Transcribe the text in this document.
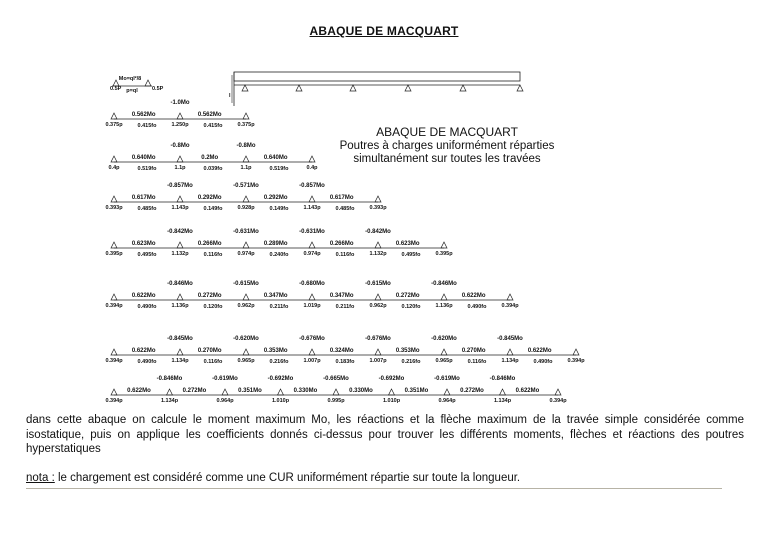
ABAQUE DE MACQUART
Mo=qI²/8
p=ql
0.5P	0.5P
l
-1.0Mo
0.562Mo	0.562Mo
0.375p	1.250p	0.375p
0.415fo	0.415fo
-0.8Mo	-0.8Mo
0.640Mo	0.2Mo	0.640Mo
0.4p	1.1p	1.1p	0.4p
0.519fo	0.039fo	0.519fo
-0.857Mo	-0.571Mo	-0.857Mo
0.617Mo	0.292Mo	0.292Mo	0.617Mo
0.393p	1.143p	0.928p	1.143p	0.393p
0.485fo	0.149fo	0.149fo	0.485fo
-0.842Mo	-0.631Mo	-0.631Mo	-0.842Mo
0.623Mo	0.266Mo	0.289Mo	0.266Mo	0.623Mo
0.395p	1.132p	0.974p	0.974p	1.132p	0.395p
0.495fo	0.116fo	0.240fo	0.116fo	0.495fo
-0.846Mo	-0.615Mo	-0.680Mo	-0.615Mo	-0.846Mo
0.622Mo	0.272Mo	0.347Mo	0.347Mo	0.272Mo	0.622Mo
0.394p	1.136p	0.962p	1.019p	0.962p	1.136p	0.394p
0.490fo	0.120fo	0.211fo	0.211fo	0.120fo	0.490fo
-0.845Mo	-0.620Mo	-0.676Mo	-0.676Mo	-0.620Mo	-0.845Mo
0.622Mo	0.270Mo	0.353Mo	0.324Mo	0.353Mo	0.270Mo	0.622Mo
0.394p	1.134p	0.965p	1.007p	1.007p	0.965p	1.134p	0.394p
0.490fo	0.116fo	0.216fo	0.183fo	0.216fo	0.116fo	0.490fo
-0.846Mo	-0.619Mo	-0.692Mo	-0.665Mo	-0.692Mo	-0.619Mo	-0.846Mo
0.622Mo	0.272Mo	0.351Mo	0.330Mo	0.330Mo	0.351Mo	0.272Mo	0.622Mo
0.394p	1.134p	0.964p	1.010p	0.995p	1.010p	0.964p	1.134p	0.394p
ABAQUE DE MACQUART
Poutres à charges uniformément réparties
simultanément sur toutes les travées

dans cette abaque on calcule le moment maximum Mo, les réactions et la flèche maximum de la travée simple considérée comme isostatique, puis on applique les coefficients donnés ci-dessus pour trouver les différents moments, flèches et réactions des poutres hyperstatiques

nota : le chargement est considéré comme une CUR uniformément répartie sur toute la longueur.
